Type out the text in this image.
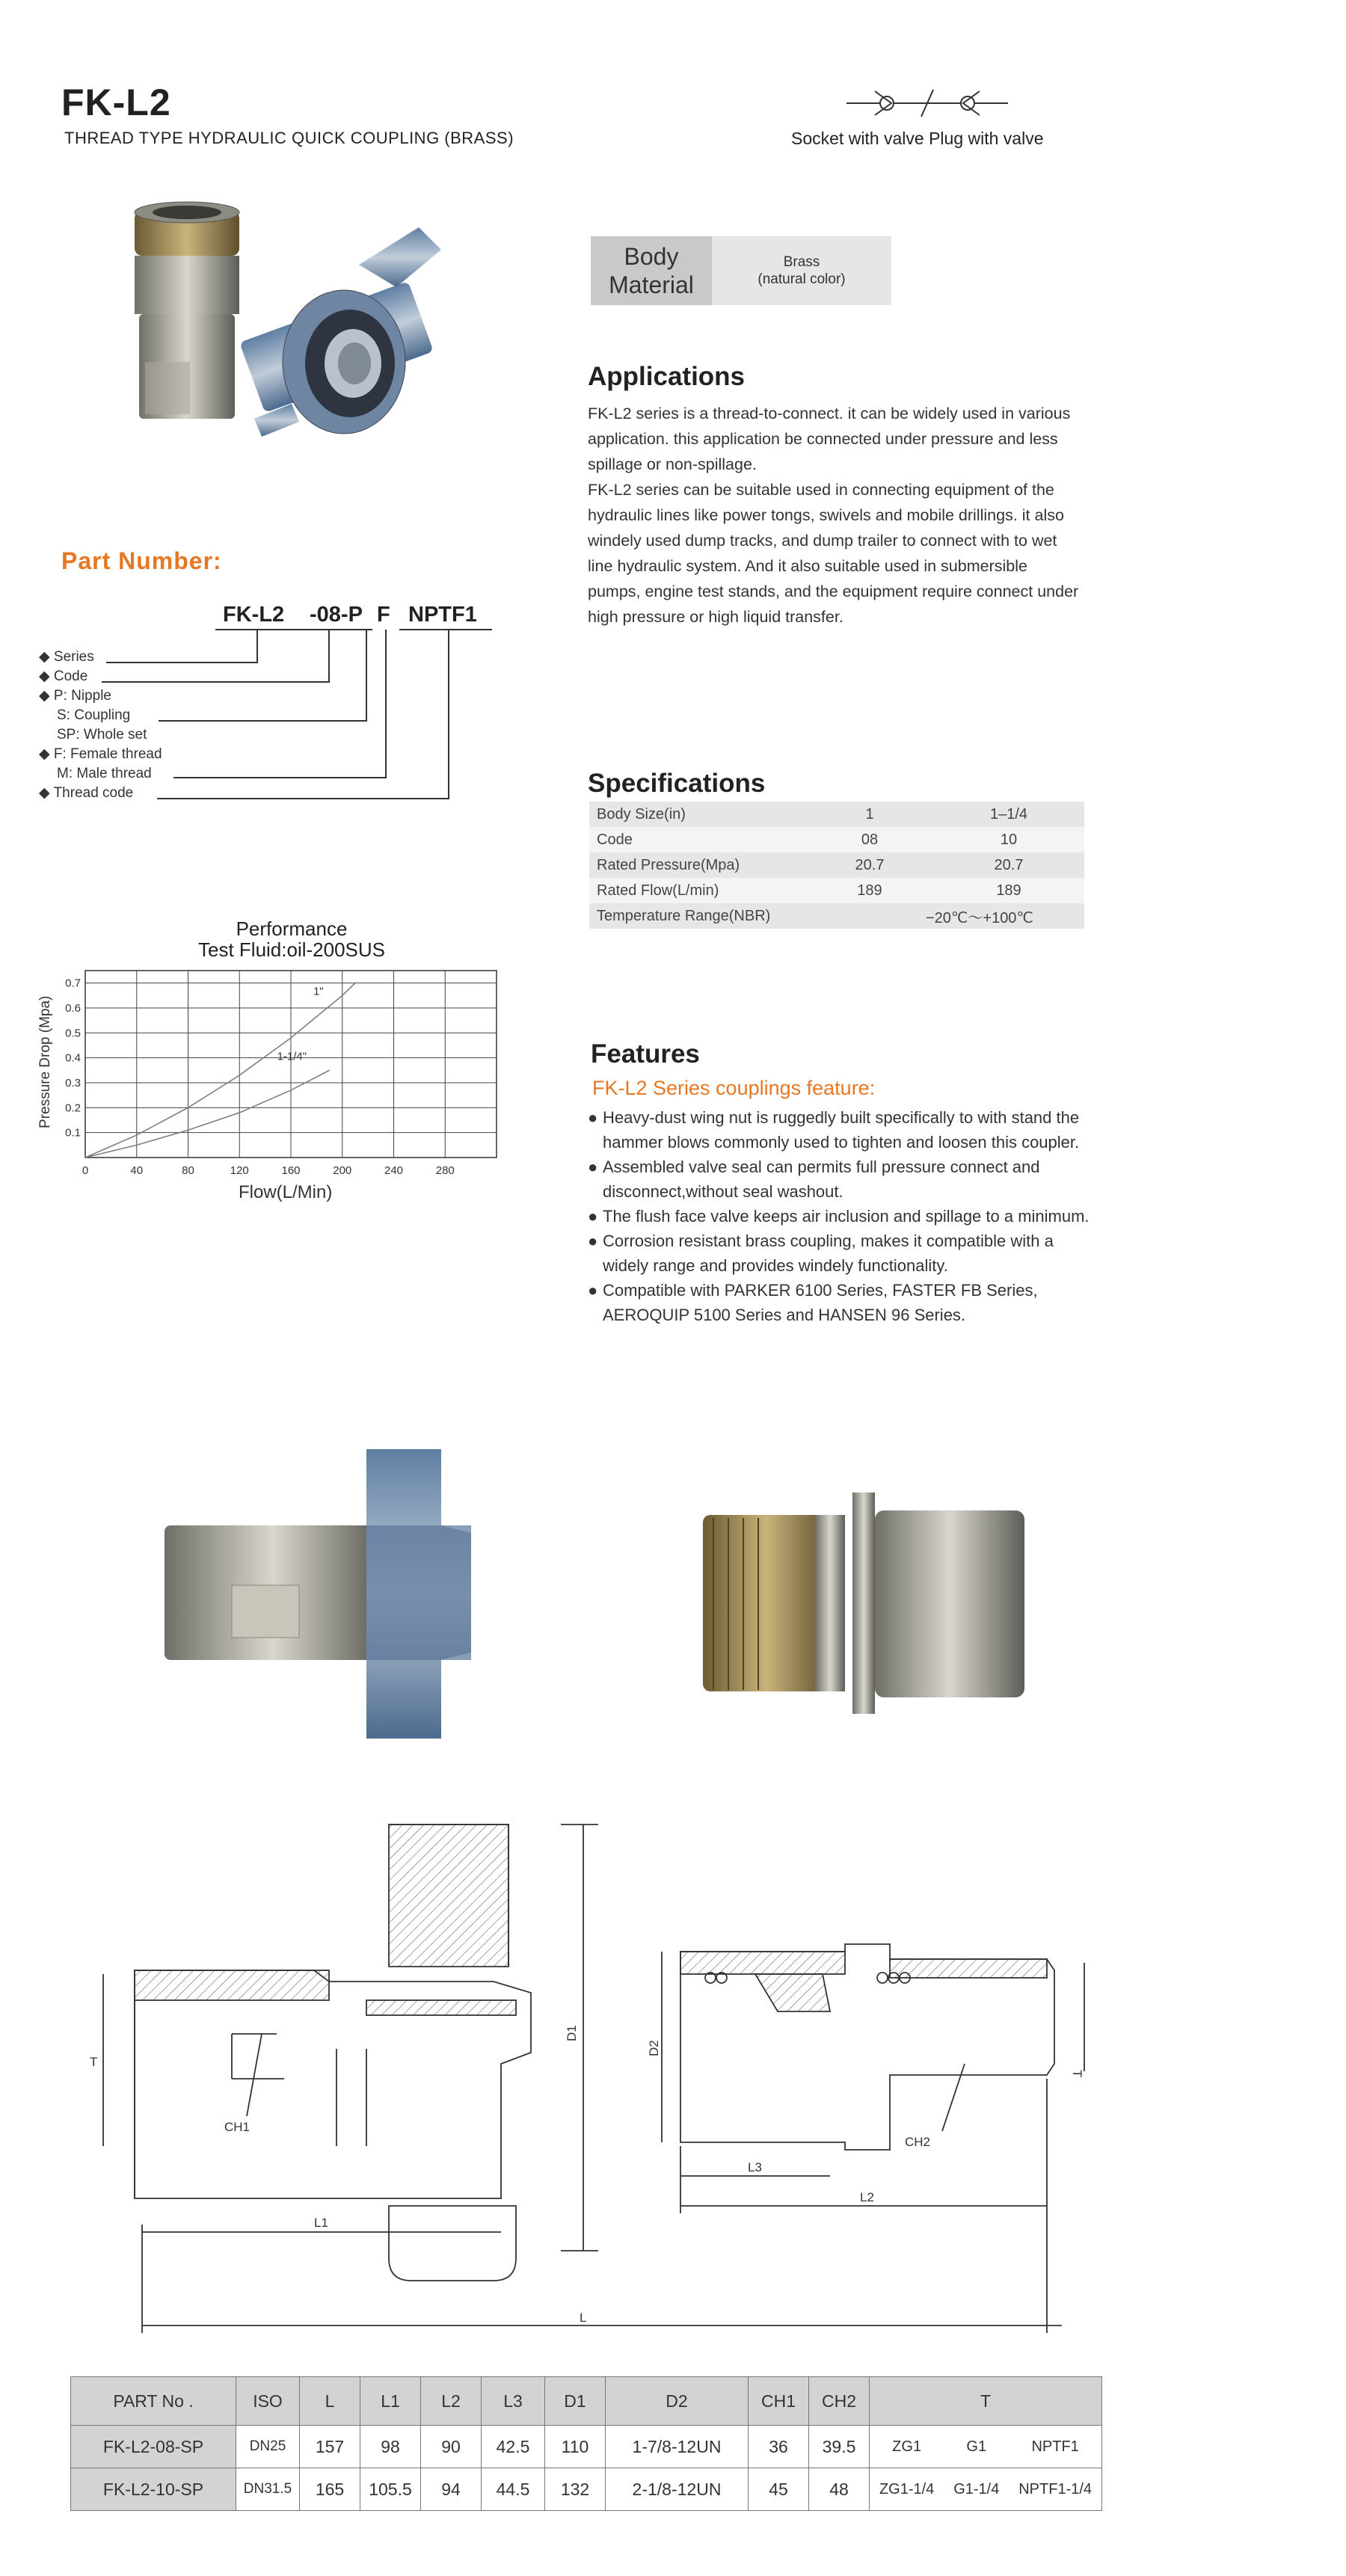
FK-L2
THREAD TYPE HYDRAULIC QUICK COUPLING (BRASS)	Socket with valve Plug with valve
Body
Material
Brass
(natural color)
Applications

FK-L2 series is a thread-to-connect. it can be widely used in various application. this application be connected under pressure and less spillage or non-spillage.

FK-L2 series can be suitable used in connecting equipment of the hydraulic lines like power tongs, swivels and mobile drillings. it also windely used dump tracks, and dump trailer to connect with to wet line hydraulic system. And it also suitable used in submersible pumps, engine test stands, and the equipment require connect under high pressure or high liquid transfer.

Part Number:
FK-L2 -08-P F NPTF1
◆ Series
◆ Code
◆ P: Nipple
S: Coupling
SP: Whole set
◆ F: Female thread
M: Male thread
◆ Thread code	Specifications
Body Size(in)	1	1–1/4
Code	08	10
Rated Pressure(Mpa)	20.7	20.7
Rated Flow(L/min)	189	189
Temperature Range(NBR)	−20℃～+100℃	
Performance
Test Fluid:oil-200SUS
0	40	80	120	160	200	240	280
0.1
0.2
0.3
0.4
0.5
0.6
0.7
1"
1-1/4"
Flow(L/Min)
Pressure Drop (Mpa)	Features
FK-L2 Series couplings feature:
● Heavy-dust wing nut is ruggedly built specifically to with stand the hammer blows commonly used to tighten and loosen this coupler.
● Assembled valve seal can permits full pressure connect and disconnect,without seal washout.
● The flush face valve keeps air inclusion and spillage to a minimum.
● Corrosion resistant brass coupling, makes it compatible with a widely range and provides windely functionality.
● Compatible with PARKER 6100 Series, FASTER FB Series, AEROQUIP 5100 Series and HANSEN 96 Series.
T
D1
CH1
L1
L
D2
L3
CH2
L2
T
PART No .	ISO	L	L1	L2	L3	D1	D2	CH1	CH2	T
FK-L2-08-SP	DN25	157	98	90	42.5	110	1-7/8-12UN	36	39.5	ZG1 G1 NPTF1

FK-L2-10-SP	DN31.5	165	105.5	94	44.5	132	2-1/8-12UN	45	48	ZG1-1/4 G1-1/4 NPTF1-1/4
